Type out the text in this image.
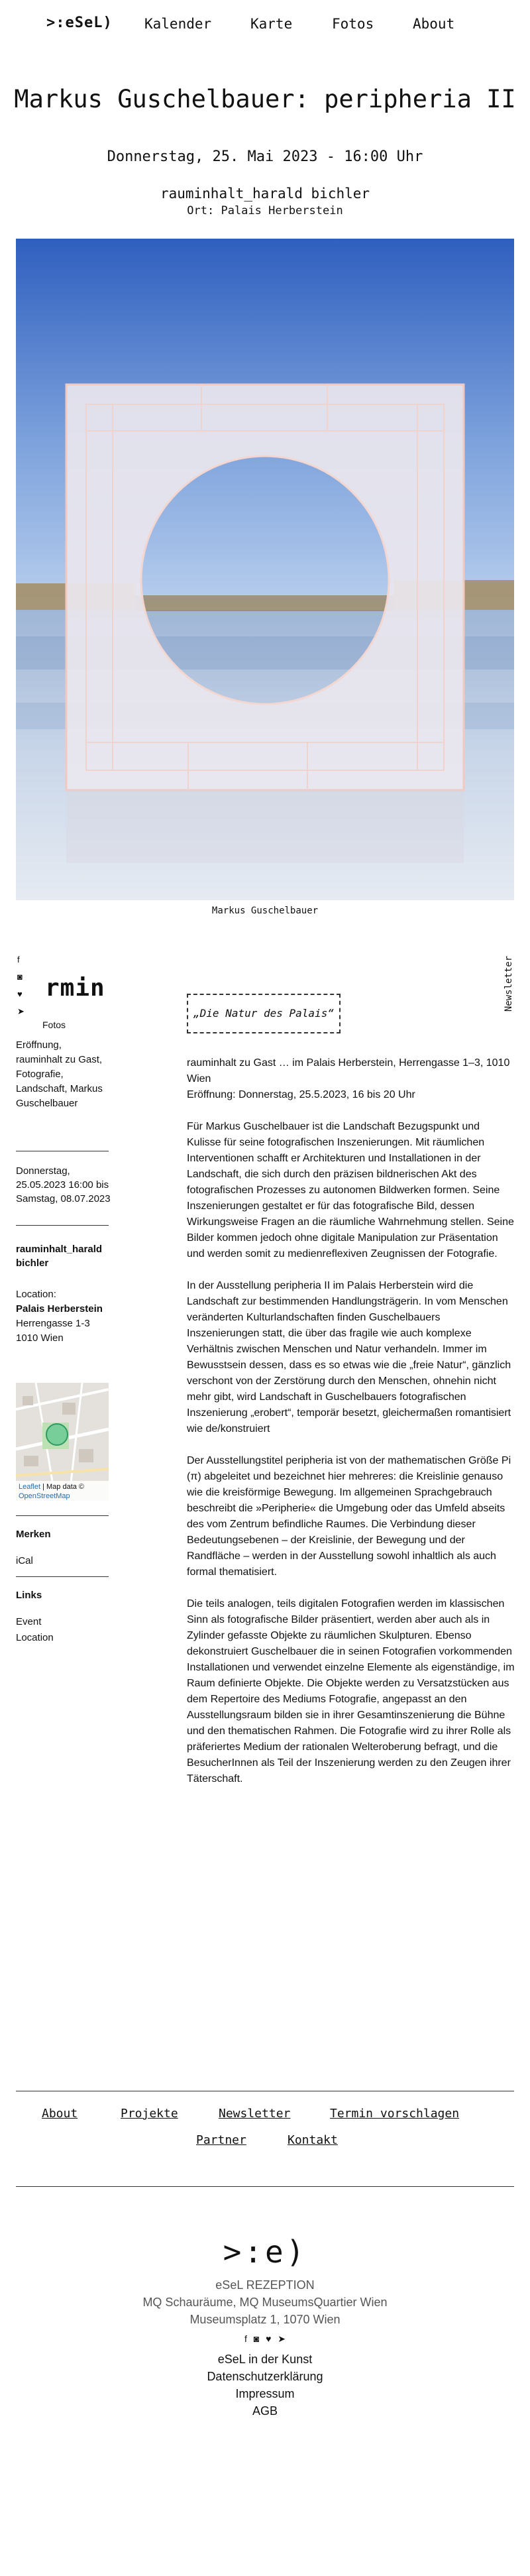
>:eSeL) Kalender	Karte	Fotos	About
Markus Guschelbauer: peripheria II
Donnerstag, 25. Mai 2023 - 16:00 Uhr
rauminhalt_harald bichler
Ort: Palais Herberstein
Markus Guschelbauer
f
◙
♥
➤
rmin
Fotos
Eröffnung, rauminhalt zu Gast, Fotografie, Landschaft, Markus Guschelbauer
Donnerstag, 25.05.2023 16:00 bis Samstag, 08.07.2023
rauminhalt_harald bichler
Location:
Palais Herberstein
Herrengasse 1-3
1010 Wien
Leaflet | Map data ©
OpenStreetMap
Merken
iCal
Links
Event
Location
Newsletter
„Die Natur des Palais“

rauminhalt zu Gast … im Palais Herberstein, Herrengasse 1–3, 1010 Wien
Eröffnung: Donnerstag, 25.5.2023, 16 bis 20 Uhr

Für Markus Guschelbauer ist die Landschaft Bezugspunkt und Kulisse für seine fotografischen Inszenierungen. Mit räumlichen Interventionen schafft er Architekturen und Installationen in der Landschaft, die sich durch den präzisen bildnerischen Akt des fotografischen Prozesses zu autonomen Bildwerken formen. Seine Inszenierungen gestaltet er für das fotografische Bild, dessen Wirkungsweise Fragen an die räumliche Wahrnehmung stellen. Seine Bilder kommen jedoch ohne digitale Manipulation zur Präsentation und werden somit zu medienreflexiven Zeugnissen der Fotografie.

In der Ausstellung peripheria II im Palais Herberstein wird die Landschaft zur bestimmenden Handlungsträgerin. In vom Menschen veränderten Kulturlandschaften finden Guschelbauers Inszenierungen statt, die über das fragile wie auch komplexe Verhältnis zwischen Menschen und Natur verhandeln. Immer im Bewusstsein dessen, dass es so etwas wie die „freie Natur“, gänzlich verschont von der Zerstörung durch den Menschen, ohnehin nicht mehr gibt, wird Landschaft in Guschelbauers fotografischen Inszenierung „erobert“, temporär besetzt, gleichermaßen romantisiert wie de/konstruiert

Der Ausstellungstitel peripheria ist von der mathematischen Größe Pi (π) abgeleitet und bezeichnet hier mehreres: die Kreislinie genauso wie die kreisförmige Bewegung. Im allgemeinen Sprachgebrauch beschreibt die »Peripherie« die Umgebung oder das Umfeld abseits des vom Zentrum befindliche Raumes. Die Verbindung dieser Bedeutungsebenen – der Kreislinie, der Bewegung und der Randfläche – werden in der Ausstellung sowohl inhaltlich als auch formal thematisiert.

Die teils analogen, teils digitalen Fotografien werden im klassischen Sinn als fotografische Bilder präsentiert, werden aber auch als in Zylinder gefasste Objekte zu räumlichen Skulpturen. Ebenso dekonstruiert Guschelbauer die in seinen Fotografien vorkommenden Installationen und verwendet einzelne Elemente als eigenständige, im Raum definierte Objekte. Die Objekte werden zu Versatzstücken aus dem Repertoire des Mediums Fotografie, angepasst an den Ausstellungsraum bilden sie in ihrer Gesamtinszenierung die Bühne und den thematischen Rahmen. Die Fotografie wird zu ihrer Rolle als präferiertes Medium der rationalen Welteroberung befragt, und die BesucherInnen als Teil der Inszenierung werden zu den Zeugen ihrer Täterschaft.

About	Projekte	Newsletter	Termin vorschlagen
Partner	Kontakt
>:e)
eSeL REZEPTION
MQ Schauräume, MQ MuseumsQuartier Wien
Museumsplatz 1, 1070 Wien
f ◙ ♥ ➤
eSeL in der Kunst
Datenschutzerklärung
Impressum
AGB
